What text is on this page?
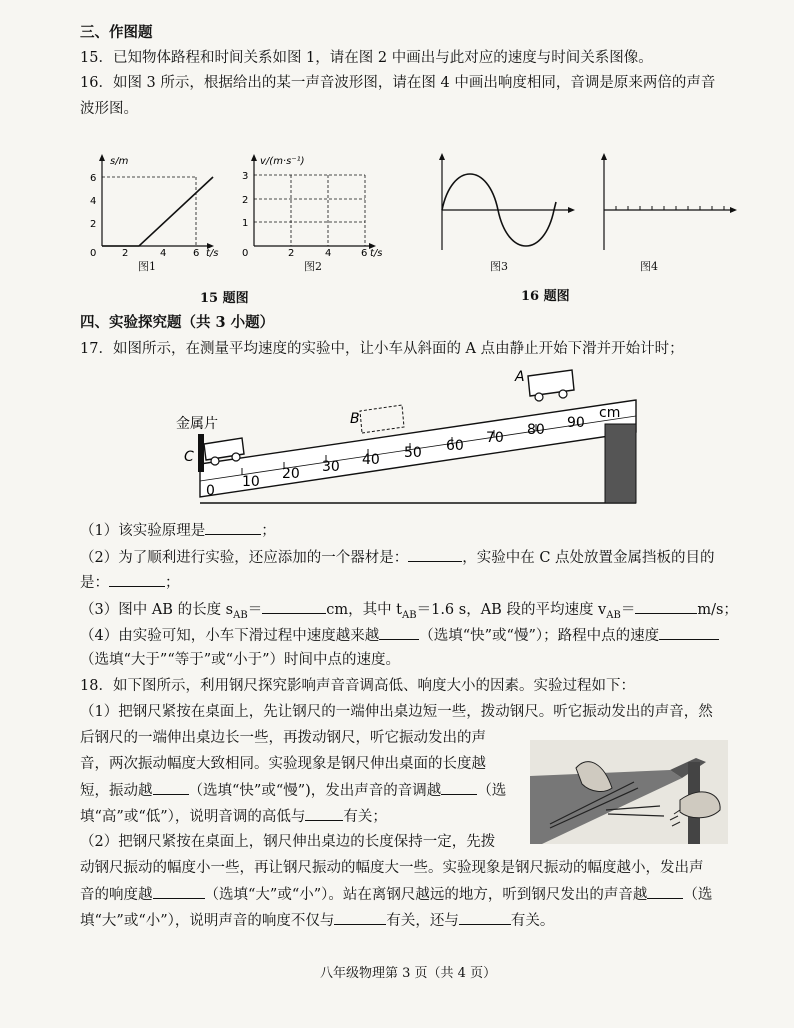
三、作图题
15．已知物体路程和时间关系如图 1，请在图 2 中画出与此对应的速度与时间关系图像。
16．如图 3 所示，根据给出的某一声音波形图，请在图 4 中画出响度相同，音调是原来两倍的声音
波形图。
s/m
6
4
2
0	2	4	6 t/s
图1
v/(m·s⁻¹)
3
2
1
0	2	4	6 t/s
图2	图3	图4
15 题图	16 题图
四、实验探究题（共 3 小题）
17．如图所示，在测量平均速度的实验中，让小车从斜面的 A 点由静止开始下滑并开始计时；
0
10 20 30 40 50 60 70 80 90
cm
A
B
C
金属片
（1）该实验原理是	；
（2）为了顺利进行实验，还应添加的一个器材是：	，实验中在 C 点处放置金属挡板的目的
是：	；
（3）图中 AB 的长度 $s_{AB}=$	cm，其中 $t_{AB}=1.6$ s，AB 段的平均速度 $v_{AB}=$	m/s；
（4）由实验可知，小车下滑过程中速度越来越	（选填“快”或“慢”）；路程中点的速度
（选填“大于”“等于”或“小于”）时间中点的速度。
18．如下图所示，利用钢尺探究影响声音音调高低、响度大小的因素。实验过程如下：
（1）把钢尺紧按在桌面上，先让钢尺的一端伸出桌边短一些，拨动钢尺。听它振动发出的声音，然
后钢尺的一端伸出桌边长一些，再拨动钢尺，听它振动发出的声
音，两次振动幅度大致相同。实验现象是钢尺伸出桌面的长度越
短，振动越 （选填“快”或“慢”)，发出声音的音调越 （选
填“高”或“低”），说明音调的高低与	有关；
（2）把钢尺紧按在桌面上，钢尺伸出桌边的长度保持一定，先拨
动钢尺振动的幅度小一些，再让钢尺振动的幅度大一些。实验现象是钢尺振动的幅度越小，发出声
音的响度越	（选填“大”或“小”）。站在离钢尺越远的地方，听到钢尺发出的声音越 （选
填“大”或“小”），说明声音的响度不仅与	有关，还与	有关。
八年级物理第 3 页（共 4 页）
